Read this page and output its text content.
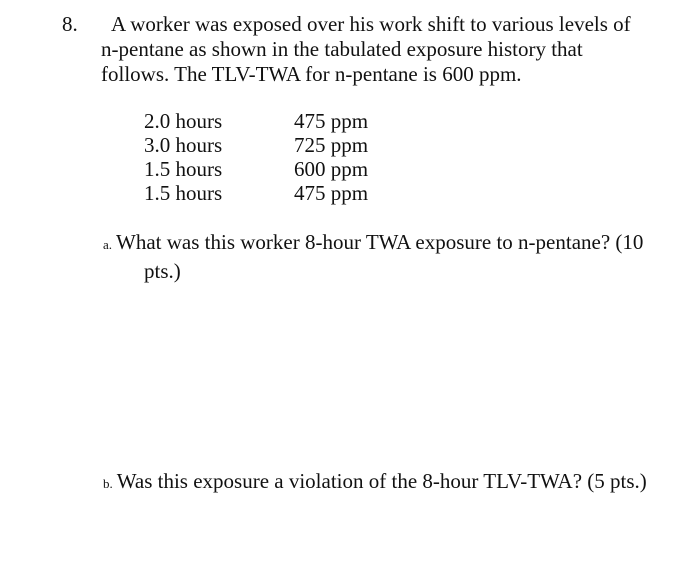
8.	A worker was exposed over his work shift to various levels of
n-pentane as shown in the tabulated exposure history that
follows. The TLV-TWA for n-pentane is 600 ppm.
2.0 hours	475 ppm
3.0 hours	725 ppm
1.5 hours	600 ppm
1.5 hours	475 ppm
a. What was this worker 8-hour TWA exposure to n-pentane? (10
pts.)
b. Was this exposure a violation of the 8-hour TLV-TWA? (5 pts.)
